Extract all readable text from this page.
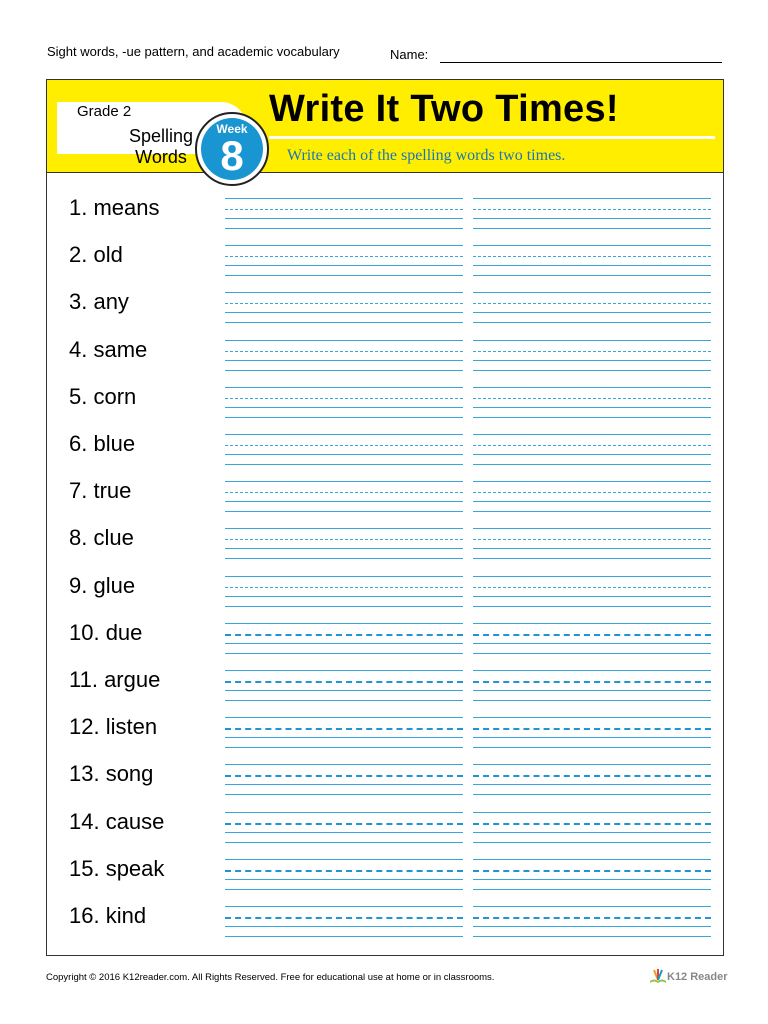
Sight words, -ue pattern, and academic vocabulary	Name:
Grade 2
Spelling
Words
Week
8
Write It Two Times!
Write each of the spelling words two times.
1. means
2. old
3. any
4. same
5. corn
6. blue
7. true
8. clue
9. glue
10. due
11. argue
12. listen
13. song
14. cause
15. speak
16. kind
Copyright © 2016 K12reader.com. All Rights Reserved. Free for educational use at home or in classrooms.	K12 Reader
